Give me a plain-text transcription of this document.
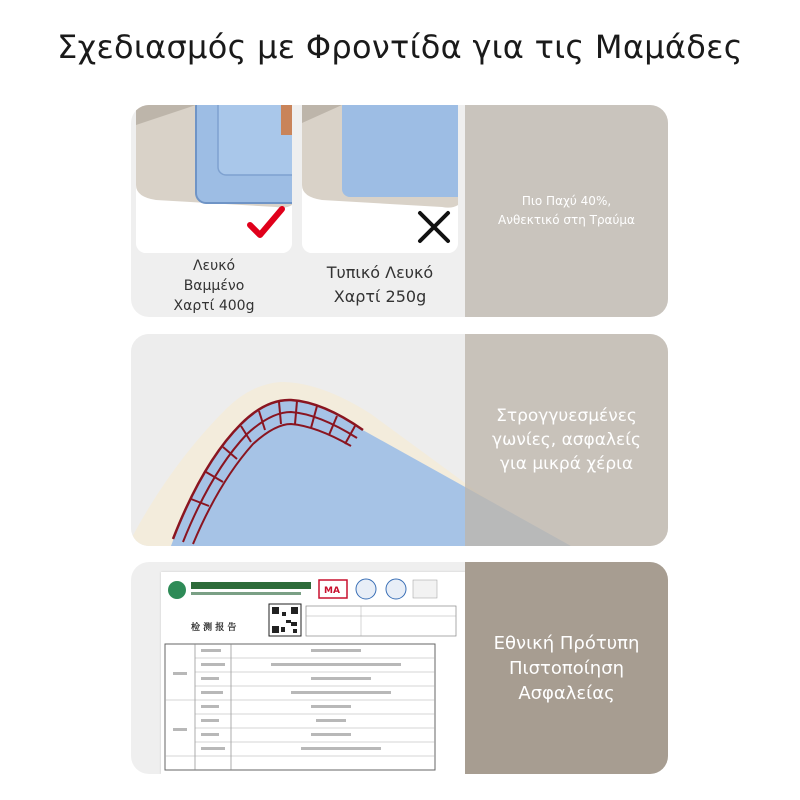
Σχεδιασμός με Φροντίδα για τις Μαμάδες
Λευκό
Βαμμένο
Χαρτί 400g
Τυπικό Λευκό
Χαρτί 250g
Πιο Παχύ 40%,
Ανθεκτικό στη Τραύμα
Στρογγυεσμένες
γωνίες, ασφαλείς
για μικρά χέρια
MA
检 测 报 告
Εθνική Πρότυπη
Πιστοποίηση
Ασφαλείας
